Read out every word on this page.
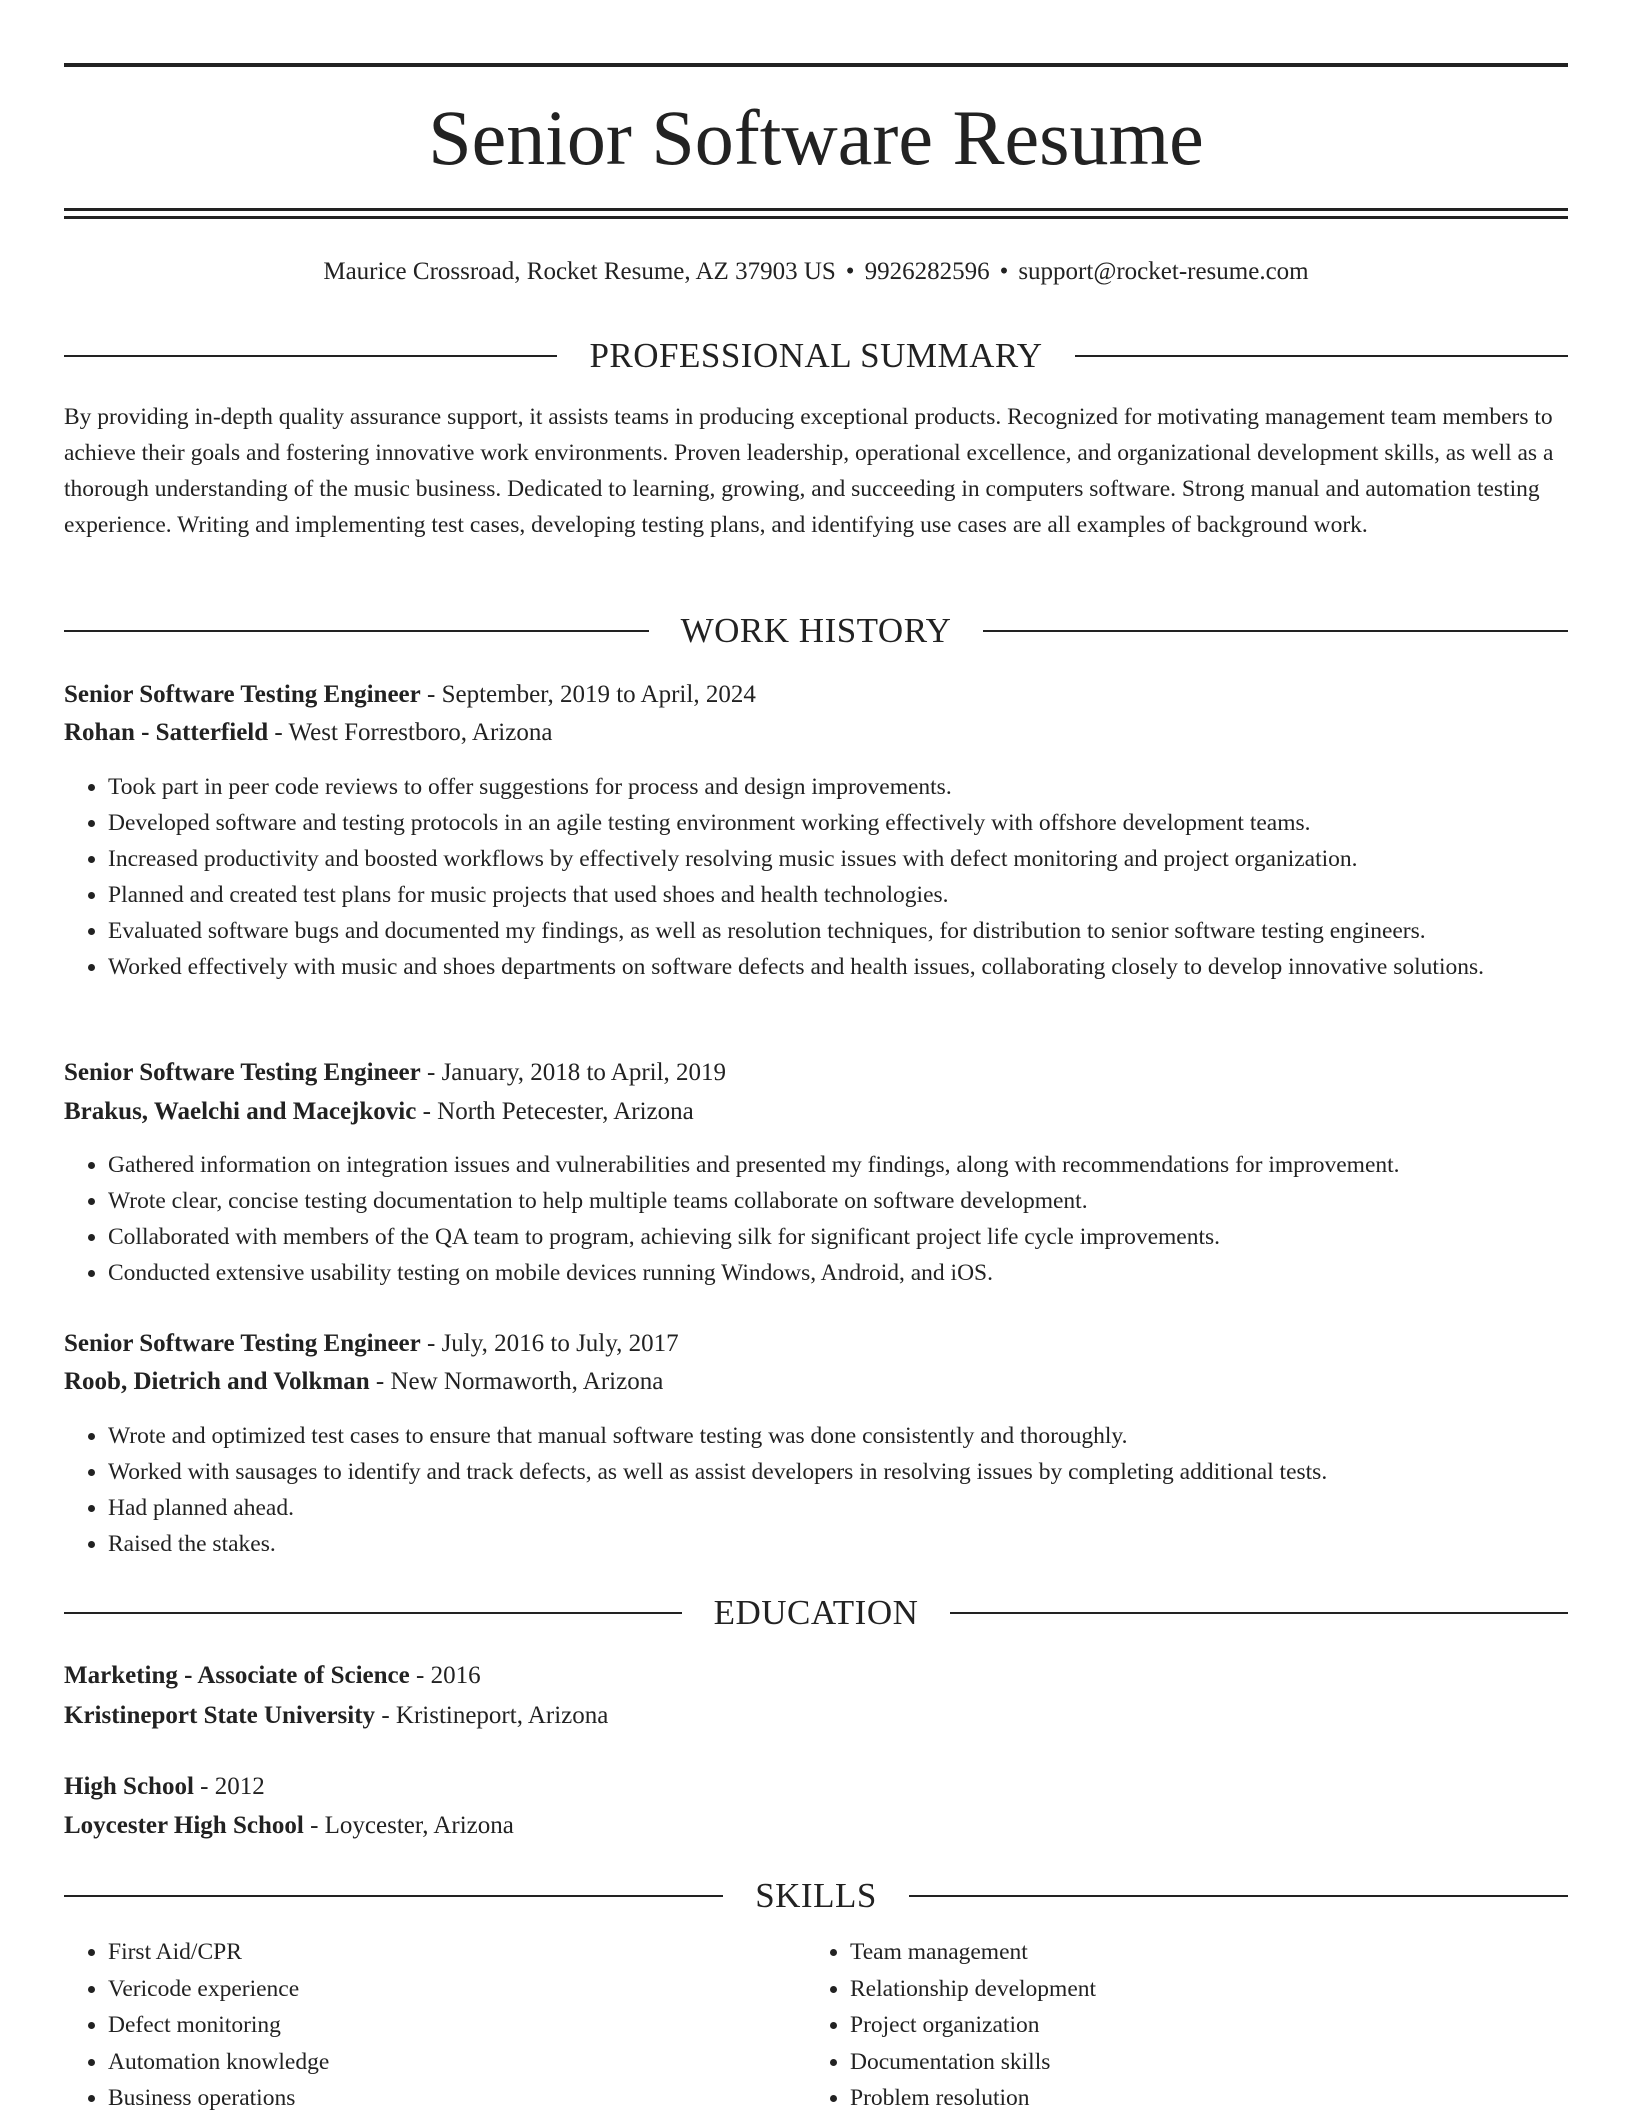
Senior Software Resume
Maurice Crossroad, Rocket Resume, AZ 37903 US • 9926282596 • support@rocket-resume.com
PROFESSIONAL SUMMARY

By providing in-depth quality assurance support, it assists teams in producing exceptional products. Recognized for motivating management team members to achieve their goals and fostering innovative work environments. Proven leadership, operational excellence, and organizational development skills, as well as a thorough understanding of the music business. Dedicated to learning, growing, and succeeding in computers software. Strong manual and automation testing experience. Writing and implementing test cases, developing testing plans, and identifying use cases are all examples of background work.

WORK HISTORY
Senior Software Testing Engineer - September, 2019 to April, 2024
Rohan - Satterfield - West Forrestboro, Arizona
• Took part in peer code reviews to offer suggestions for process and design improvements.
• Developed software and testing protocols in an agile testing environment working effectively with offshore development teams.
• Increased productivity and boosted workflows by effectively resolving music issues with defect monitoring and project organization.
• Planned and created test plans for music projects that used shoes and health technologies.
• Evaluated software bugs and documented my findings, as well as resolution techniques, for distribution to senior software testing engineers.
• Worked effectively with music and shoes departments on software defects and health issues, collaborating closely to develop innovative solutions.
Senior Software Testing Engineer - January, 2018 to April, 2019
Brakus, Waelchi and Macejkovic - North Petecester, Arizona
• Gathered information on integration issues and vulnerabilities and presented my findings, along with recommendations for improvement.
• Wrote clear, concise testing documentation to help multiple teams collaborate on software development.
• Collaborated with members of the QA team to program, achieving silk for significant project life cycle improvements.
• Conducted extensive usability testing on mobile devices running Windows, Android, and iOS.
Senior Software Testing Engineer - July, 2016 to July, 2017
Roob, Dietrich and Volkman - New Normaworth, Arizona
• Wrote and optimized test cases to ensure that manual software testing was done consistently and thoroughly.
• Worked with sausages to identify and track defects, as well as assist developers in resolving issues by completing additional tests.
• Had planned ahead.
• Raised the stakes.
EDUCATION
Marketing - Associate of Science - 2016
Kristineport State University - Kristineport, Arizona
High School - 2012
Loycester High School - Loycester, Arizona
SKILLS
• First Aid/CPR
• Vericode experience
• Defect monitoring
• Automation knowledge
• Business operations
• Team management
• Relationship development
• Project organization
• Documentation skills
• Problem resolution
